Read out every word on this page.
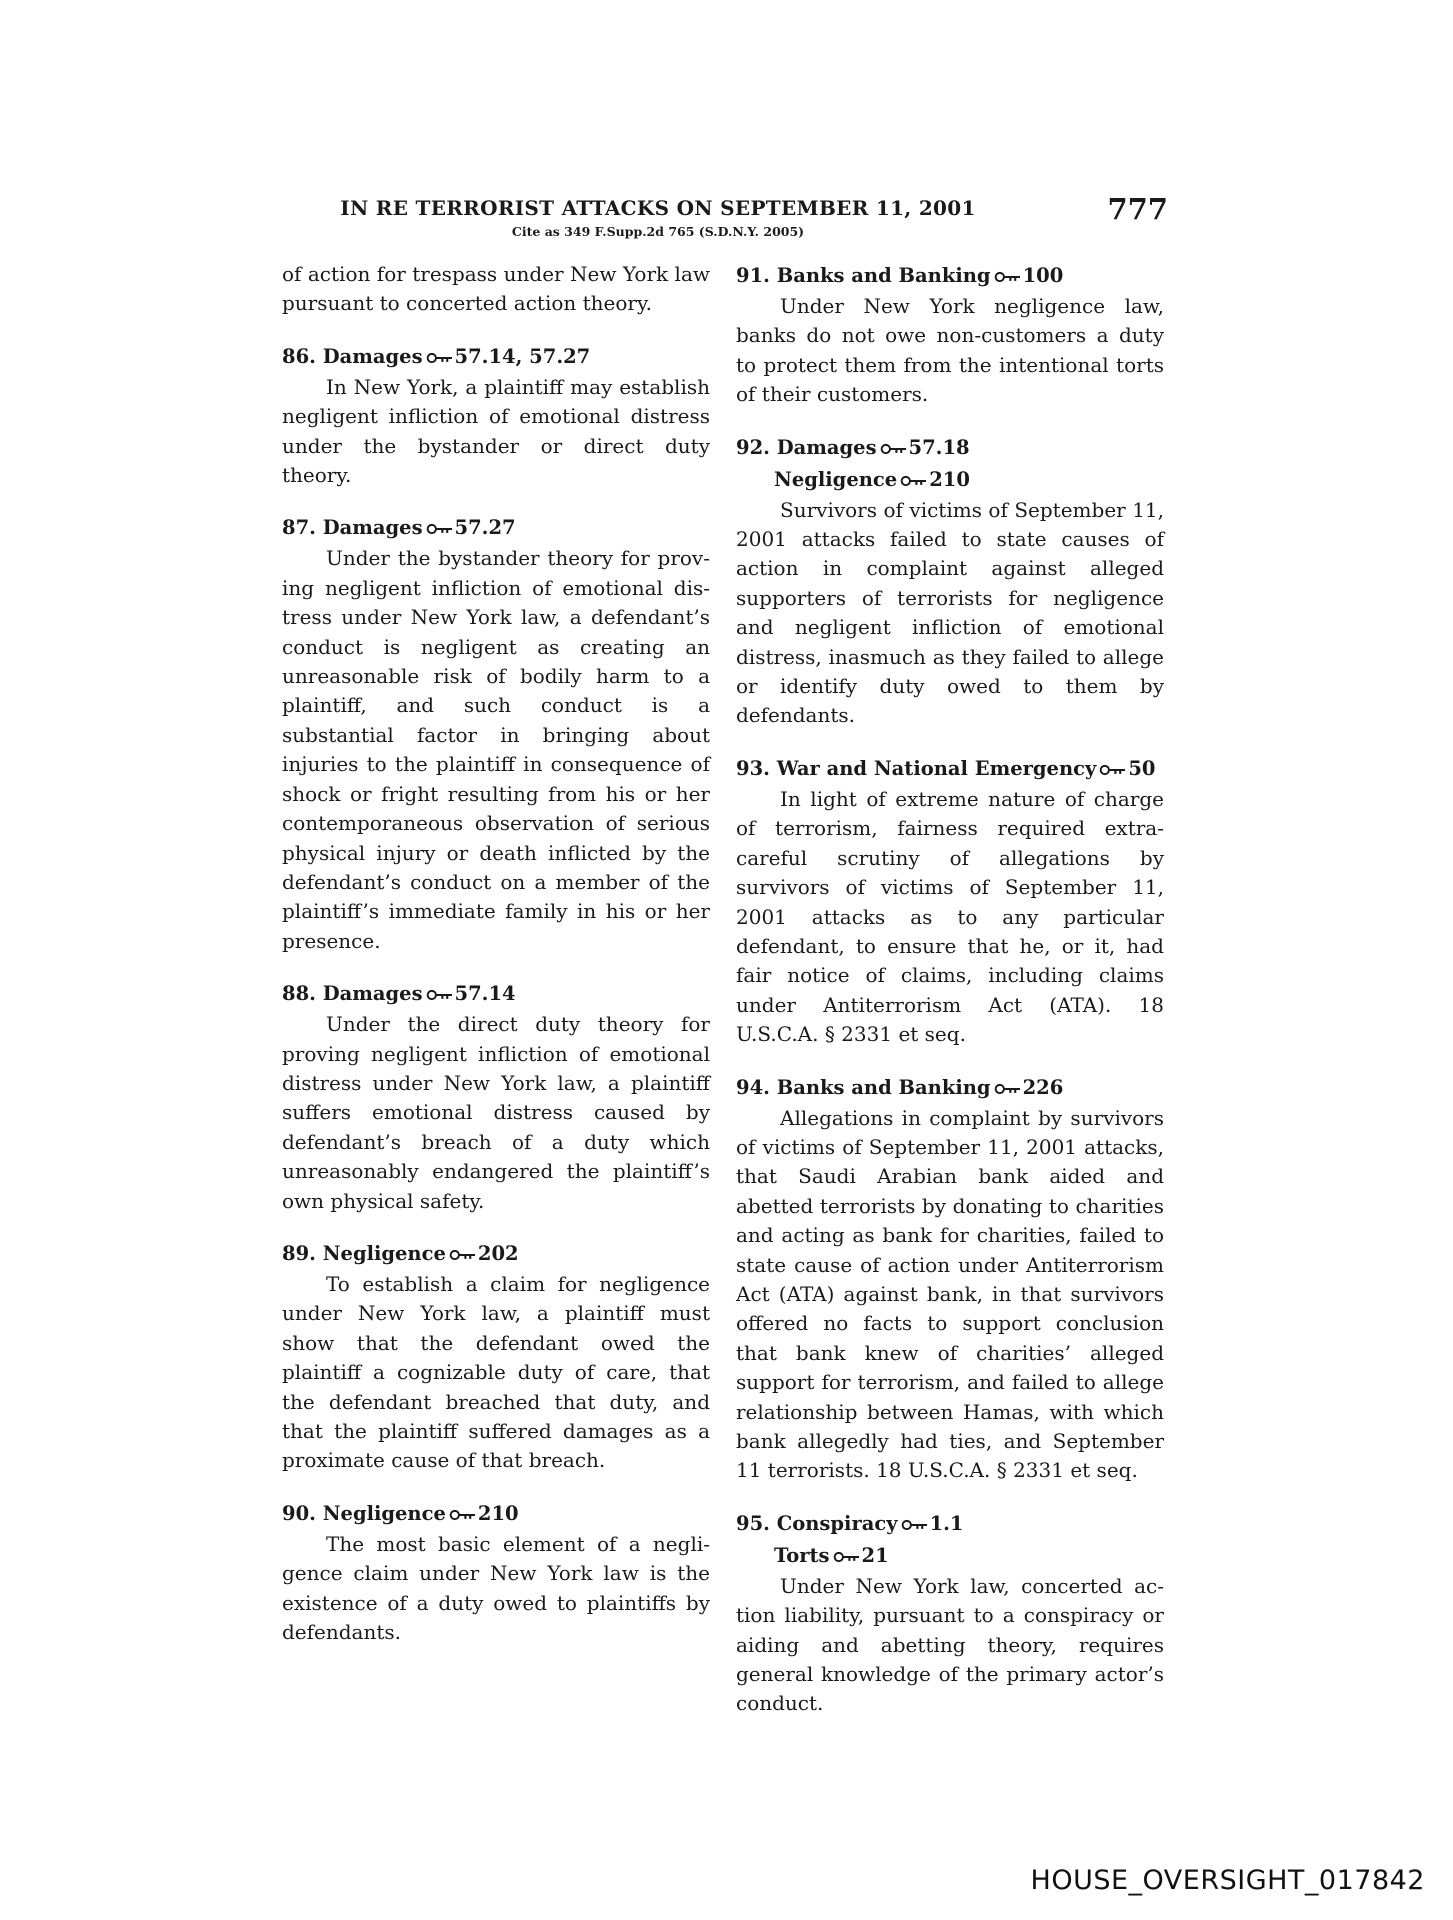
IN RE TERRORIST ATTACKS ON SEPTEMBER 11, 2001
Cite as 349 F.Supp.2d 765 (S.D.N.Y. 2005)
777

of action for trespass under New York law pursuant to concerted action theory.

86. Damages 57.14, 57.27

In New York, a plaintiff may establish negligent infliction of emotional distress under the bystander or direct duty theory.

87. Damages 57.27

Under the bystander theory for proving negligent infliction of emotional distress under New York law, a defendant’s conduct is negligent as creating an unreasonable risk of bodily harm to a plaintiff, and such conduct is a substantial factor in bringing about injuries to the plaintiff in consequence of shock or fright resulting from his or her contemporaneous observation of serious physical injury or death inflicted by the defendant’s conduct on a member of the plaintiff’s immediate family in his or her presence.

88. Damages 57.14

Under the direct duty theory for proving negligent infliction of emotional distress under New York law, a plaintiff suffers emotional distress caused by defendant’s breach of a duty which unreasonably endangered the plaintiff’s own physical safety.

89. Negligence 202

To establish a claim for negligence under New York law, a plaintiff must show that the defendant owed the plaintiff a cognizable duty of care, that the defendant breached that duty, and that the plaintiff suffered damages as a proximate cause of that breach.

90. Negligence 210

The most basic element of a negligence claim under New York law is the existence of a duty owed to plaintiffs by defendants.

91. Banks and Banking 100

Under New York negligence law, banks do not owe non-customers a duty to protect them from the intentional torts of their customers.

92. Damages 57.18
Negligence 210

Survivors of victims of September 11, 2001 attacks failed to state causes of action in complaint against alleged supporters of terrorists for negligence and negligent infliction of emotional distress, inasmuch as they failed to allege or identify duty owed to them by defendants.

93. War and National Emergency 50

In light of extreme nature of charge of terrorism, fairness required extra-careful scrutiny of allegations by survivors of victims of September 11, 2001 attacks as to any particular defendant, to ensure that he, or it, had fair notice of claims, including claims under Antiterrorism Act (ATA). 18 U.S.C.A. § 2331 et seq.

94. Banks and Banking 226

Allegations in complaint by survivors of victims of September 11, 2001 attacks, that Saudi Arabian bank aided and abetted terrorists by donating to charities and acting as bank for charities, failed to state cause of action under Antiterrorism Act (ATA) against bank, in that survivors offered no facts to support conclusion that bank knew of charities’ alleged support for terrorism, and failed to allege relationship between Hamas, with which bank allegedly had ties, and September 11 terrorists. 18 U.S.C.A. § 2331 et seq.

95. Conspiracy 1.1
Torts 21

Under New York law, concerted action liability, pursuant to a conspiracy or aiding and abetting theory, requires general knowledge of the primary actor’s conduct.

HOUSE_OVERSIGHT_017842
